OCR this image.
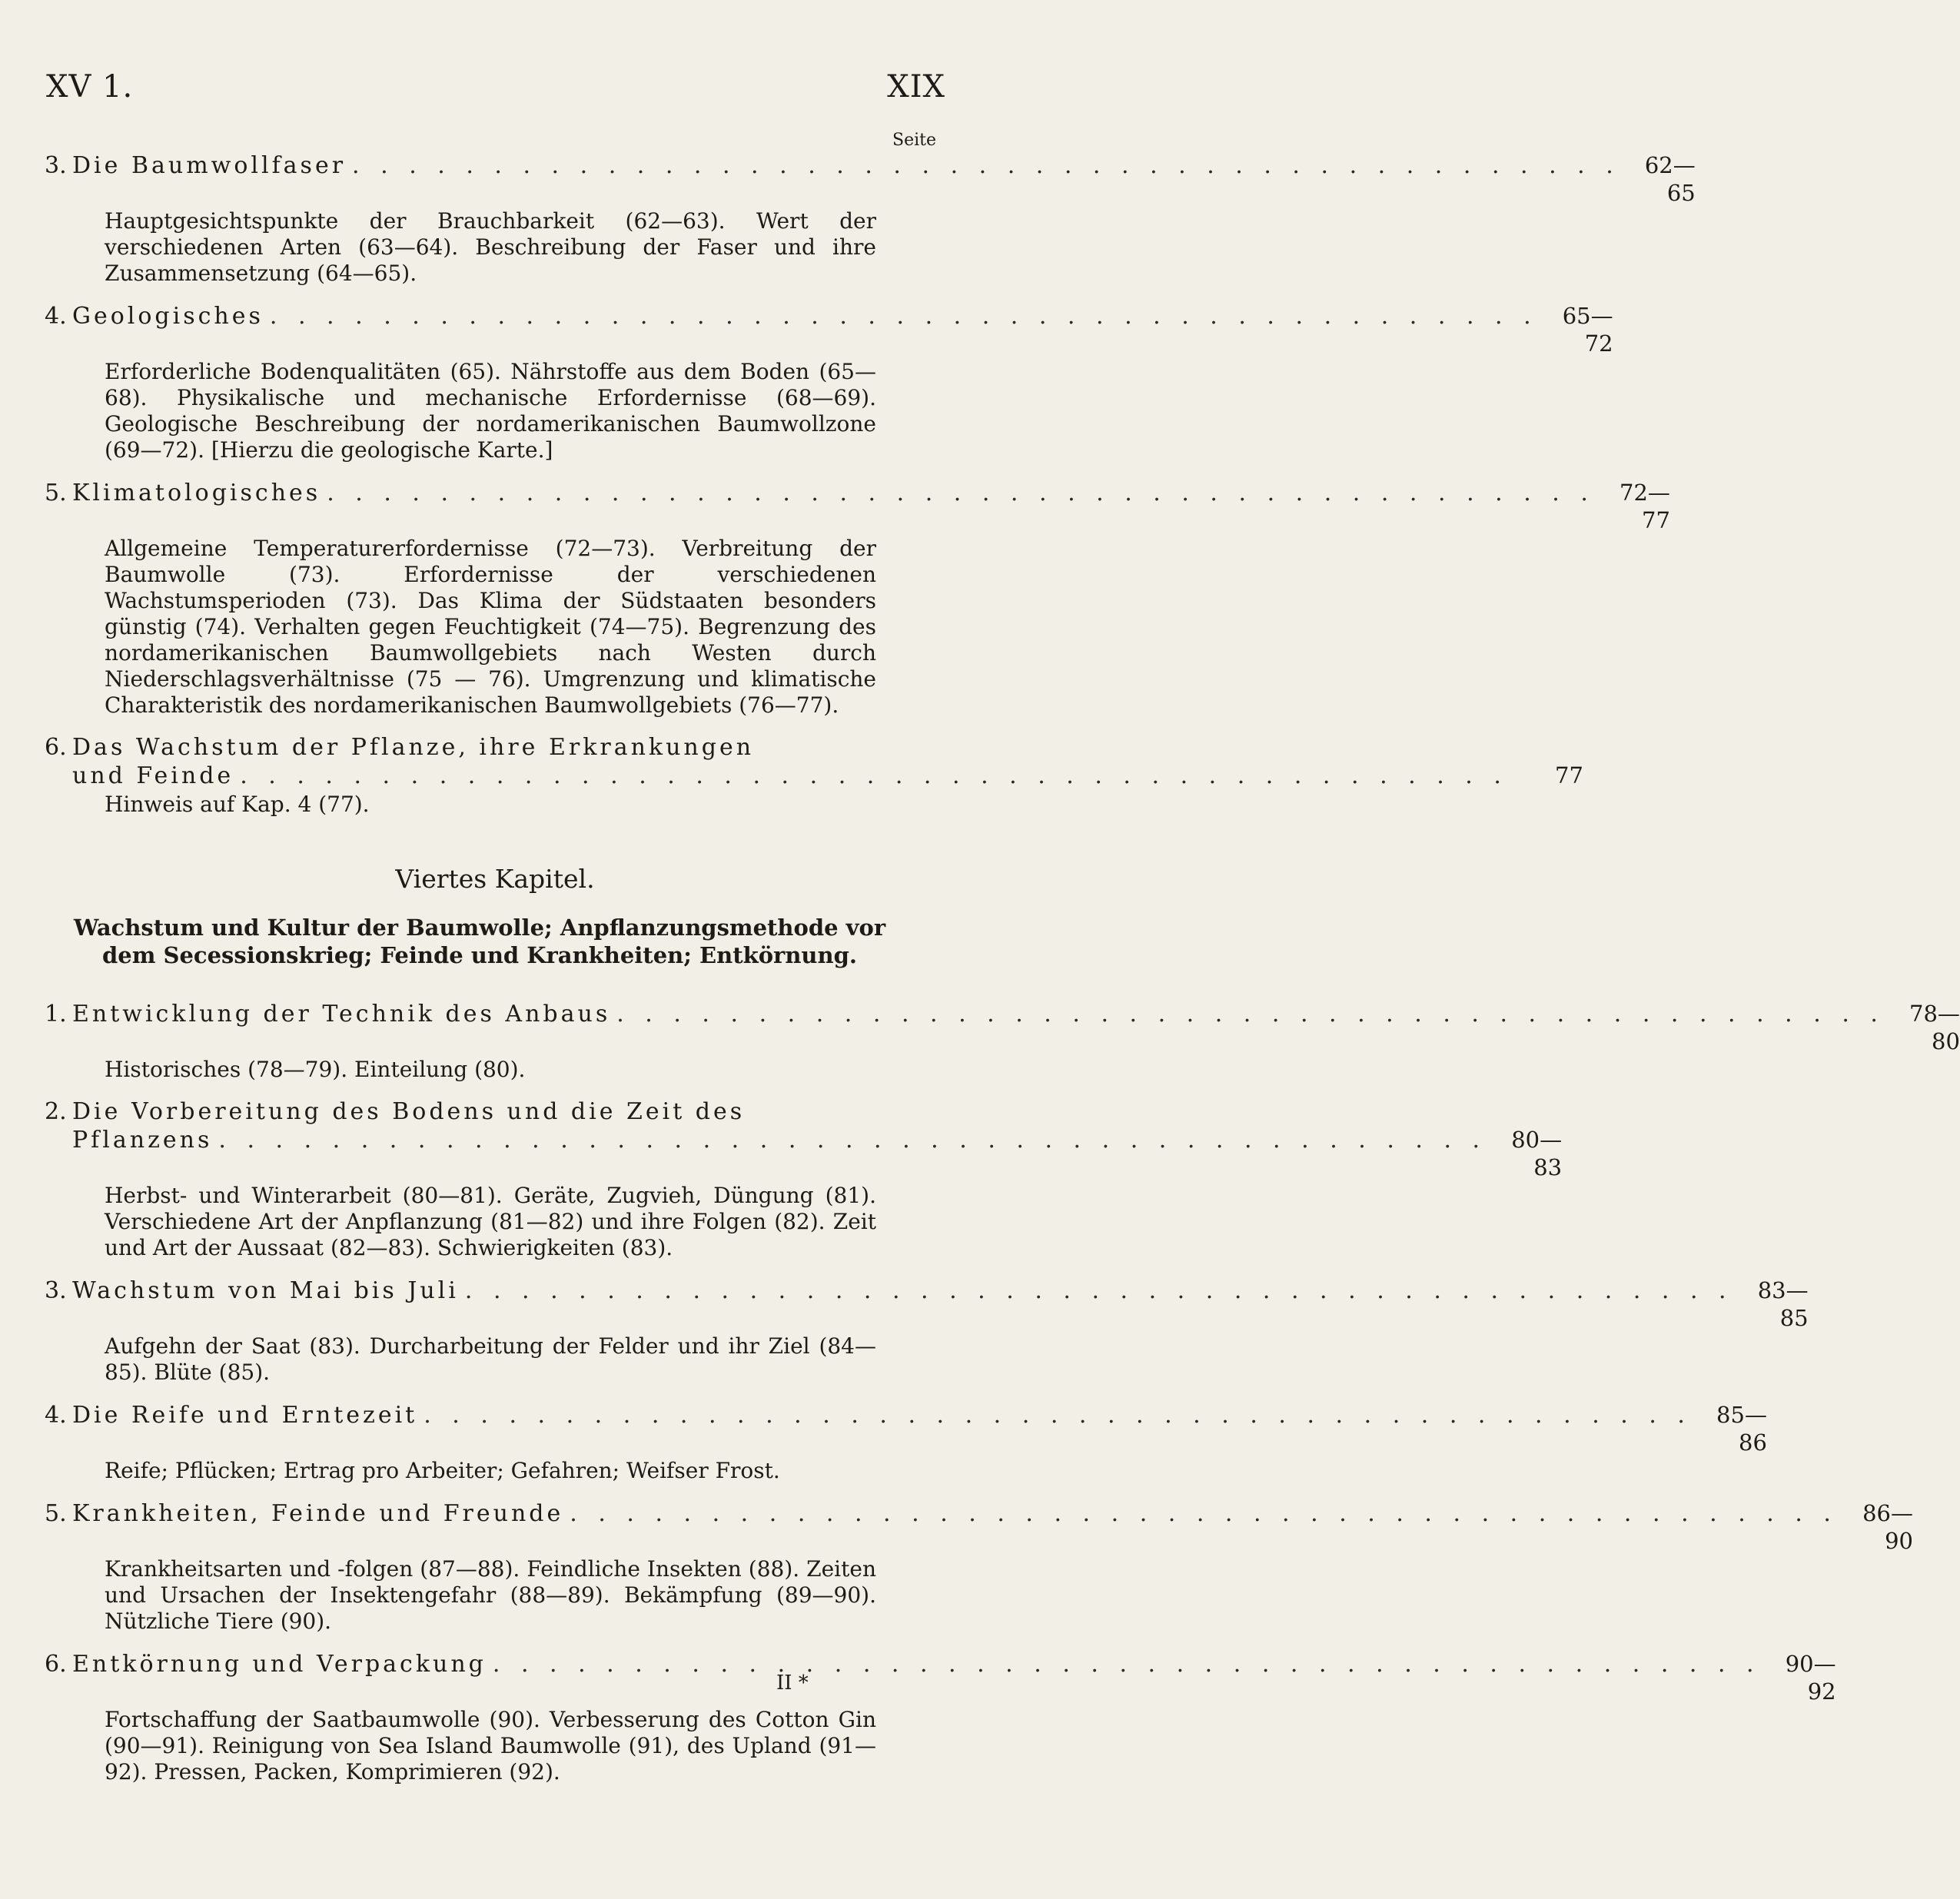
XV 1.	XIX
Seite
3. Die Baumwollfaser . . . . . . . . . . . . . . . . . . . . . . . . . . . . . . . . . . . . . . . . . . . . .	62—65
Hauptgesichtspunkte der Brauchbarkeit (62—63). Wert der verschiedenen Arten (63—64). Beschreibung der Faser und ihre Zusammensetzung (64—65).
4. Geologisches . . . . . . . . . . . . . . . . . . . . . . . . . . . . . . . . . . . . . . . . . . . . .	65—72
Erforderliche Bodenqualitäten (65). Nährstoffe aus dem Boden (65—68). Physikalische und mechanische Erfordernisse (68—69). Geologische Beschreibung der nordamerikanischen Baumwollzone (69—72). [Hierzu die geologische Karte.]
5. Klimatologisches . . . . . . . . . . . . . . . . . . . . . . . . . . . . . . . . . . . . . . . . . . . . .	72—77
Allgemeine Temperaturerfordernisse (72—73). Verbreitung der Baumwolle (73). Erfordernisse der verschiedenen Wachstumsperioden (73). Das Klima der Südstaaten besonders günstig (74). Verhalten gegen Feuchtigkeit (74—75). Begrenzung des nordamerikanischen Baumwollgebiets nach Westen durch Niederschlagsverhältnisse (75 — 76). Umgrenzung und klimatische Charakteristik des nordamerikanischen Baumwollgebiets (76—77).
6. Das Wachstum der Pflanze, ihre Erkrankungen
und Feinde . . . . . . . . . . . . . . . . . . . . . . . . . . . . . . . . . . . . . . . . . . . . .	77
Hinweis auf Kap. 4 (77).
Viertes Kapitel.
Wachstum und Kultur der Baumwolle; Anpflanzungsmethode vor dem Secessionskrieg; Feinde und Krankheiten; Entkörnung.
1. Entwicklung der Technik des Anbaus . . . . . . . . . . . . . . . . . . . . . . . . . . . . . . . . . . . . . . . . . . . . .	78—80
Historisches (78—79). Einteilung (80).
2. Die Vorbereitung des Bodens und die Zeit des
Pflanzens . . . . . . . . . . . . . . . . . . . . . . . . . . . . . . . . . . . . . . . . . . . . .	80—83
Herbst- und Winterarbeit (80—81). Geräte, Zugvieh, Düngung (81). Verschiedene Art der Anpflanzung (81—82) und ihre Folgen (82). Zeit und Art der Aussaat (82—83). Schwierigkeiten (83).
3. Wachstum von Mai bis Juli . . . . . . . . . . . . . . . . . . . . . . . . . . . . . . . . . . . . . . . . . . . . .	83—85
Aufgehn der Saat (83). Durcharbeitung der Felder und ihr Ziel (84—85). Blüte (85).
4. Die Reife und Erntezeit . . . . . . . . . . . . . . . . . . . . . . . . . . . . . . . . . . . . . . . . . . . . .	85—86
Reife; Pflücken; Ertrag pro Arbeiter; Gefahren; Weifser Frost.
5. Krankheiten, Feinde und Freunde . . . . . . . . . . . . . . . . . . . . . . . . . . . . . . . . . . . . . . . . . . . . .	86—90
Krankheitsarten und -folgen (87—88). Feindliche Insekten (88). Zeiten und Ursachen der Insektengefahr (88—89). Bekämpfung (89—90). Nützliche Tiere (90).
6. Entkörnung und Verpackung . . . . . . . . . . . . . . . . . . . . . . . . . . . . . . . . . . . . . . . . . . . . .	90—92
Fortschaffung der Saatbaumwolle (90). Verbesserung des Cotton Gin (90—91). Reinigung von Sea Island Baumwolle (91), des Upland (91—92). Pressen, Packen, Komprimieren (92).
II *
